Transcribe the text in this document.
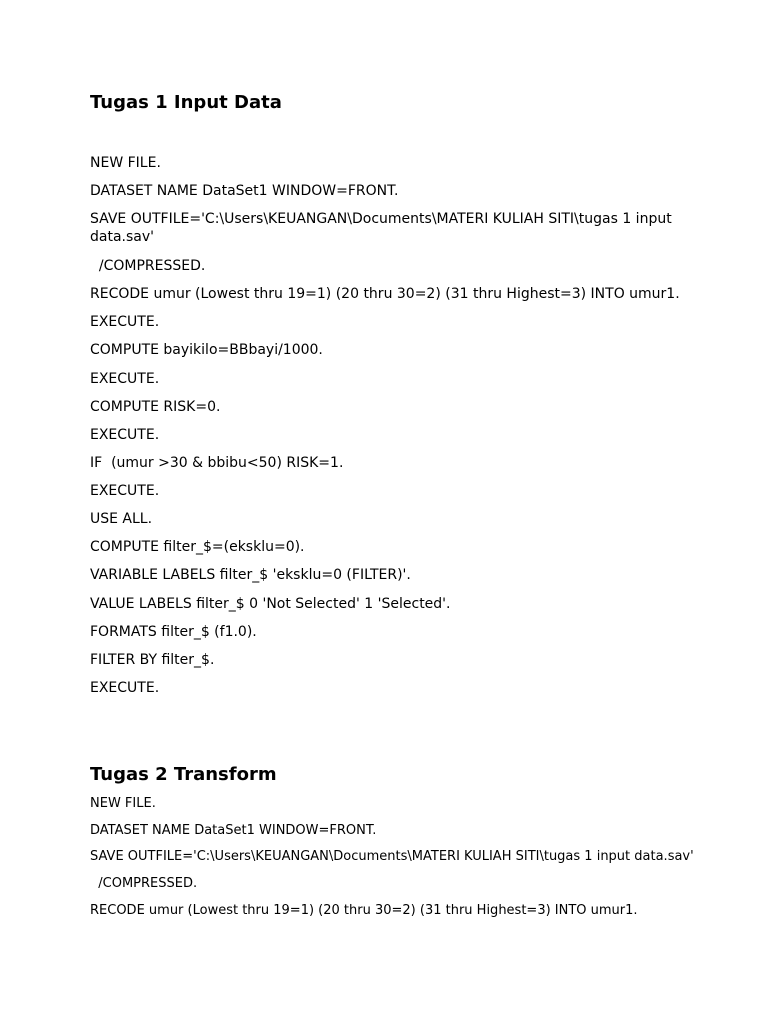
Tugas 1 Input Data
NEW FILE.
DATASET NAME DataSet1 WINDOW=FRONT.
SAVE OUTFILE='C:\Users\KEUANGAN\Documents\MATERI KULIAH SITI\tugas 1 input data.sav'
/COMPRESSED.
RECODE umur (Lowest thru 19=1) (20 thru 30=2) (31 thru Highest=3) INTO umur1.
EXECUTE.
COMPUTE bayikilo=BBbayi/1000.
EXECUTE.
COMPUTE RISK=0.
EXECUTE.
IF  (umur >30 & bbibu<50) RISK=1.
EXECUTE.
USE ALL.
COMPUTE filter_$=(eksklu=0).
VARIABLE LABELS filter_$ 'eksklu=0 (FILTER)'.
VALUE LABELS filter_$ 0 'Not Selected' 1 'Selected'.
FORMATS filter_$ (f1.0).
FILTER BY filter_$.
EXECUTE.
Tugas 2 Transform
NEW FILE.
DATASET NAME DataSet1 WINDOW=FRONT.
SAVE OUTFILE='C:\Users\KEUANGAN\Documents\MATERI KULIAH SITI\tugas 1 input data.sav'
/COMPRESSED.
RECODE umur (Lowest thru 19=1) (20 thru 30=2) (31 thru Highest=3) INTO umur1.
